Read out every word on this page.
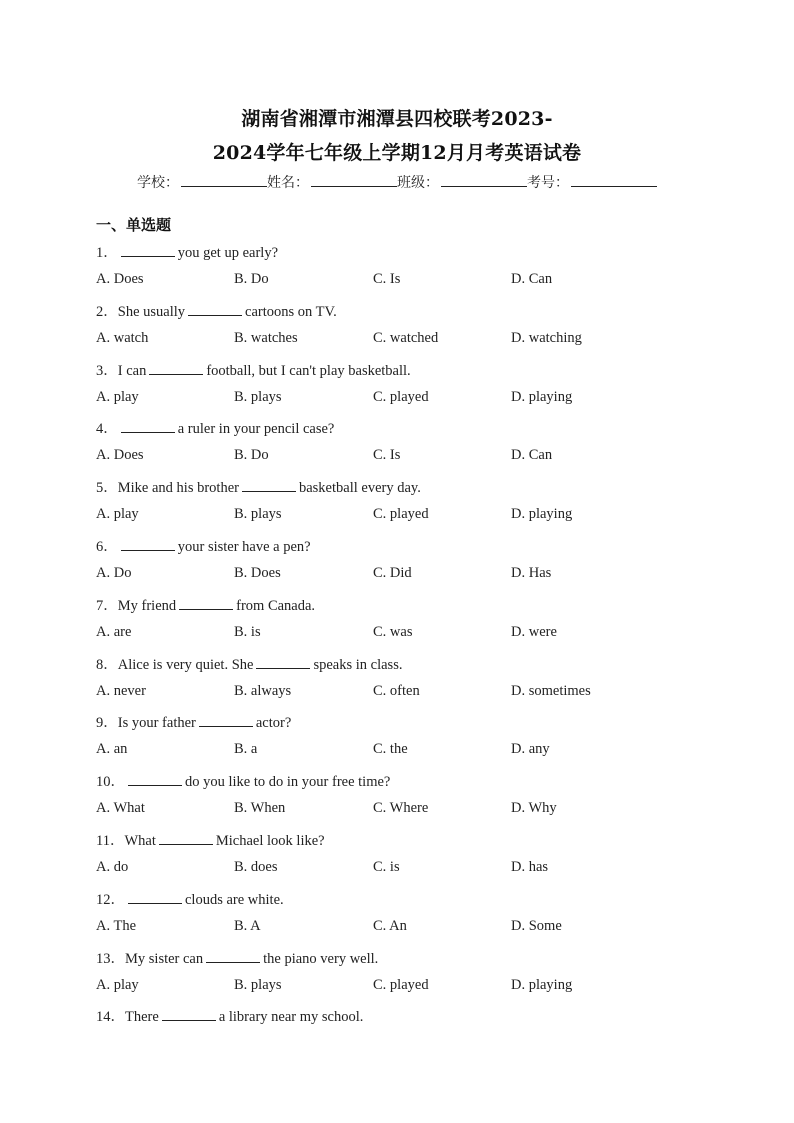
湖南省湘潭市湘潭县四校联考2023-
2024学年七年级上学期12月月考英语试卷
学校：	姓名：	班级：	考号：
一、单选题
1．	you get up early?
A. Does	B. Do	C. Is	D. Can
2．She usually	cartoons on TV.
A. watch	B. watches	C. watched	D. watching
3．I can	football, but I can't play basketball.
A. play	B. plays	C. played	D. playing
4．	a ruler in your pencil case?
A. Does	B. Do	C. Is	D. Can
5．Mike and his brother	basketball every day.
A. play	B. plays	C. played	D. playing
6．	your sister have a pen?
A. Do	B. Does	C. Did	D. Has
7．My friend	from Canada.
A. are	B. is	C. was	D. were
8．Alice is very quiet. She	speaks in class.
A. never	B. always	C. often	D. sometimes
9．Is your father	actor?
A. an	B. a	C. the	D. any
10．	do you like to do in your free time?
A. What	B. When	C. Where	D. Why
11．What	Michael look like?
A. do	B. does	C. is	D. has
12．	clouds are white.
A. The	B. A	C. An	D. Some
13．My sister can	the piano very well.
A. play	B. plays	C. played	D. playing
14．There	a library near my school.
